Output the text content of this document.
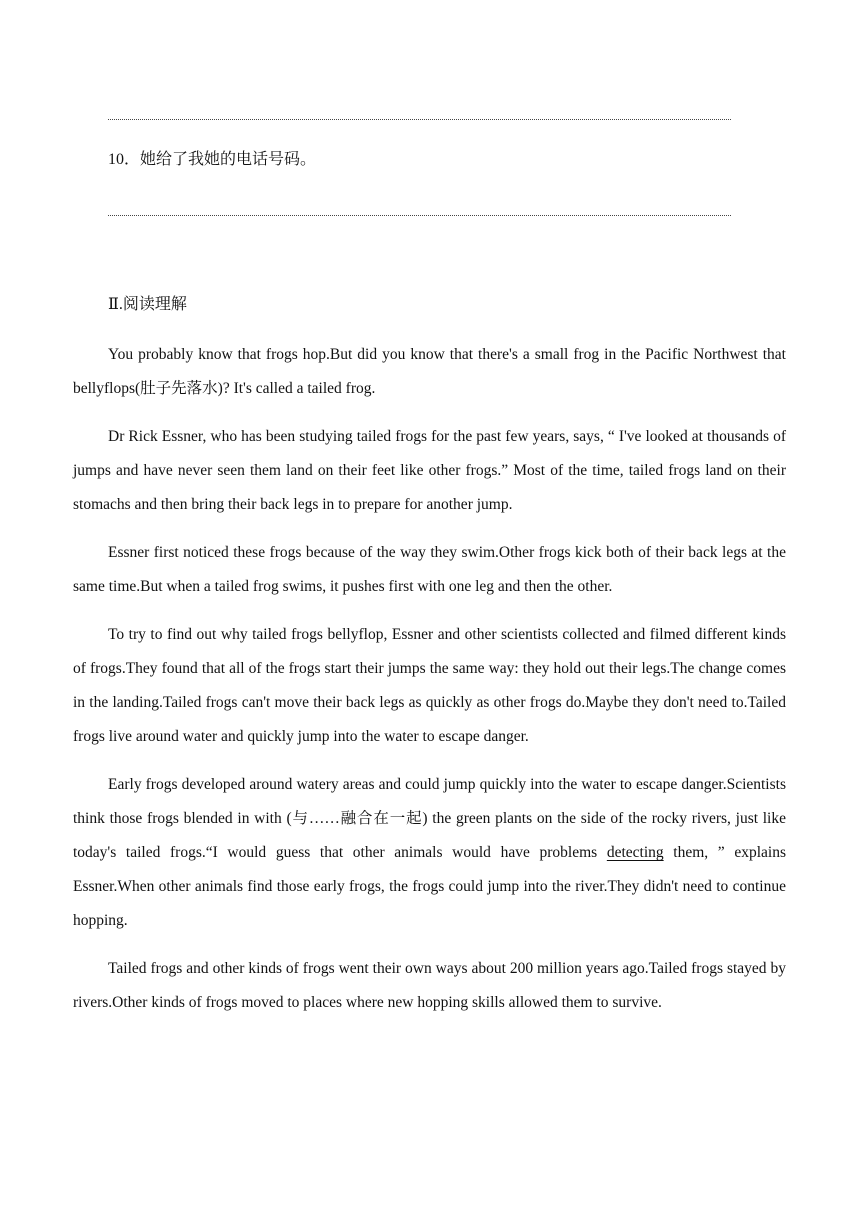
10．她给了我她的电话号码。
Ⅱ.阅读理解

You probably know that frogs hop.But did you know that there's a small frog in the Pacific Northwest that bellyflops(肚子先落水)? It's called a tailed frog.

Dr Rick Essner, who has been studying tailed frogs for the past few years, says, “ I've looked at thousands of jumps and have never seen them land on their feet like other frogs.” Most of the time, tailed frogs land on their stomachs and then bring their back legs in to prepare for another jump.

Essner first noticed these frogs because of the way they swim.Other frogs kick both of their back legs at the same time.But when a tailed frog swims, it pushes first with one leg and then the other.

To try to find out why tailed frogs bellyflop, Essner and other scientists collected and filmed different kinds of frogs.They found that all of the frogs start their jumps the same way: they hold out their legs.The change comes in the landing.Tailed frogs can't move their back legs as quickly as other frogs do.Maybe they don't need to.Tailed frogs live around water and quickly jump into the water to escape danger.

Early frogs developed around watery areas and could jump quickly into the water to escape danger.Scientists think those frogs blended in with (与……融合在一起) the green plants on the side of the rocky rivers, just like today's tailed frogs.“I would guess that other animals would have problems detecting them, ” explains Essner.When other animals find those early frogs, the frogs could jump into the river.They didn't need to continue hopping.

Tailed frogs and other kinds of frogs went their own ways about 200 million years ago.Tailed frogs stayed by rivers.Other kinds of frogs moved to places where new hopping skills allowed them to survive.
